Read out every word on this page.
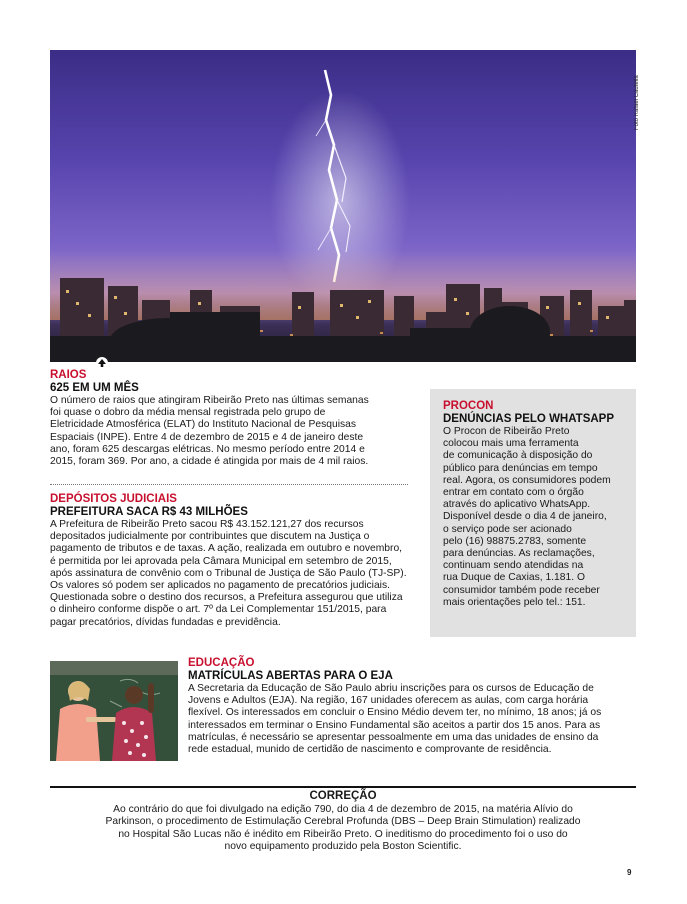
Foto Rafael Cautella
RAIOS
625 EM UM MÊS
O número de raios que atingiram Ribeirão Preto nas últimas semanas
foi quase o dobro da média mensal registrada pelo grupo de
Eletricidade Atmosférica (ELAT) do Instituto Nacional de Pesquisas
Espaciais (INPE). Entre 4 de dezembro de 2015 e 4 de janeiro deste
ano, foram 625 descargas elétricas. No mesmo período entre 2014 e
2015, foram 369. Por ano, a cidade é atingida por mais de 4 mil raios.
DEPÓSITOS JUDICIAIS
PREFEITURA SACA R$ 43 MILHÕES
A Prefeitura de Ribeirão Preto sacou R$ 43.152.121,27 dos recursos
depositados judicialmente por contribuintes que discutem na Justiça o
pagamento de tributos e de taxas. A ação, realizada em outubro e novembro,
é permitida por lei aprovada pela Câmara Municipal em setembro de 2015,
após assinatura de convênio com o Tribunal de Justiça de São Paulo (TJ-SP).
Os valores só podem ser aplicados no pagamento de precatórios judiciais.
Questionada sobre o destino dos recursos, a Prefeitura assegurou que utiliza
o dinheiro conforme dispõe o art. 7º da Lei Complementar 151/2015, para
pagar precatórios, dívidas fundadas e previdência.
PROCON
DENÚNCIAS PELO WHATSAPP
O Procon de Ribeirão Preto
colocou mais uma ferramenta
de comunicação à disposição do
público para denúncias em tempo
real. Agora, os consumidores podem
entrar em contato com o órgão
através do aplicativo WhatsApp.
Disponível desde o dia 4 de janeiro,
o serviço pode ser acionado
pelo (16) 98875.2783, somente
para denúncias. As reclamações,
continuam sendo atendidas na
rua Duque de Caxias, 1.181. O
consumidor também pode receber
mais orientações pelo tel.: 151.
EDUCAÇÃO
MATRÍCULAS ABERTAS PARA O EJA
A Secretaria da Educação de São Paulo abriu inscrições para os cursos de Educação de
Jovens e Adultos (EJA). Na região, 167 unidades oferecem as aulas, com carga horária
flexível. Os interessados em concluir o Ensino Médio devem ter, no mínimo, 18 anos; já os
interessados em terminar o Ensino Fundamental são aceitos a partir dos 15 anos. Para as
matrículas, é necessário se apresentar pessoalmente em uma das unidades de ensino da
rede estadual, munido de certidão de nascimento e comprovante de residência.
CORREÇÃO
Ao contrário do que foi divulgado na edição 790, do dia 4 de dezembro de 2015, na matéria Alívio do
Parkinson, o procedimento de Estimulação Cerebral Profunda (DBS – Deep Brain Stimulation) realizado
no Hospital São Lucas não é inédito em Ribeirão Preto. O ineditismo do procedimento foi o uso do
novo equipamento produzido pela Boston Scientific.
9
